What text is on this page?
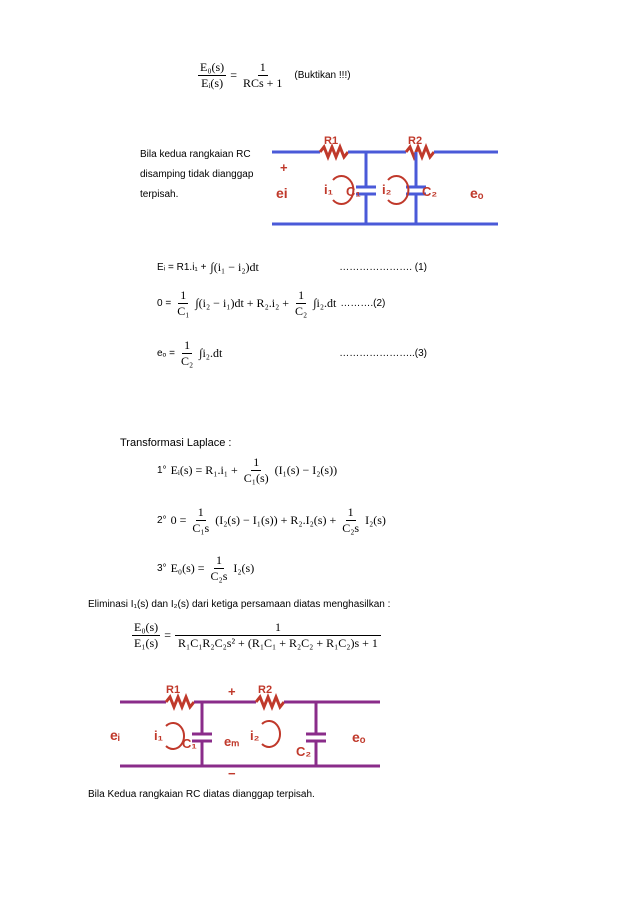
$\frac{\text{E₀(s)}}{\text{Eᵢ(s)}} = \frac{1}{\text{RCs + 1}}$ (Buktikan !!!)
Bila kedua rangkaian RC
disamping tidak dianggap
terpisah.
R1	R2
ei	i₁ C₁ i₂ C₂ eₒ
+
Eᵢ = R1.i₁ + ∫(i₁ − i₂)dt	…………………. (1)
$0 = \frac{1}{\text{C₁}} \int(i_2 - i_1)dt + R_2.i_2 + \frac{1}{\text{C₂}} \int i_2.dt$ ……….(2)
$e_o = \frac{1}{\text{C₂}} \int i_2.dt$	…………………..(3)
Transformasi Laplace :
1° Eᵢ(s) = $R_1.i_1 + \frac{1}{\text{C₁(s)}} (I_1(s) - I_2(s))$
2° $0 = \frac{1}{\text{C₁s}} (I_2(s) - I_1(s)) + R_2.I_2(s) + \frac{1}{\text{C₂s}} I_2(s)$
3° $E_0(s) = \frac{1}{\text{C₂s}} I_2(s)$
Eliminasi I₁(s) dan I₂(s) dari ketiga persamaan diatas menghasilkan :
$\frac{\text{E₀(s)}}{\text{E₁(s)}} = \frac{1}{\text{R₁C₁R₂C₂s² + (R₁C₁ + R₂C₂ + R₁C₂)s + 1}}$
R1	R2
eᵢ	i₁
C₁ eₘ i₂
C₂
eₒ
+
−
Bila Kedua rangkaian RC diatas dianggap terpisah.
